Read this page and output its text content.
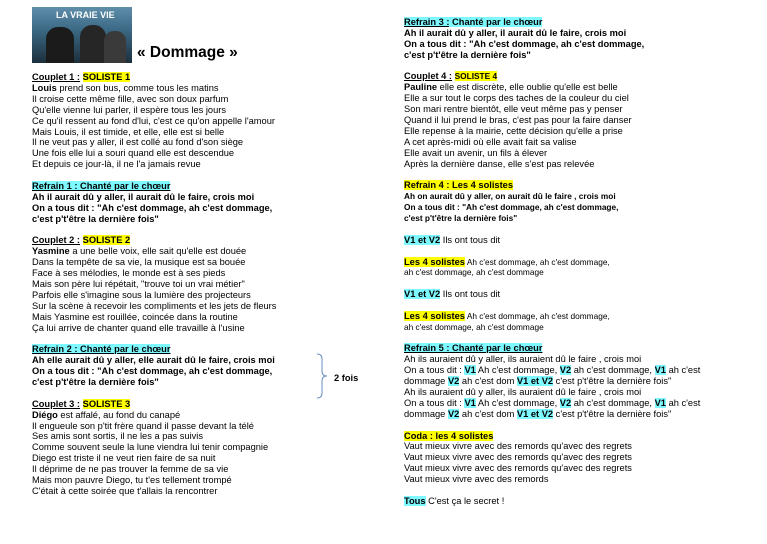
LA VRAIE VIE
« Dommage »
Couplet 1 : SOLISTE 1
Louis prend son bus, comme tous les matins
Il croise cette même fille, avec son doux parfum
Qu'elle vienne lui parler, il espère tous les jours
Ce qu'il ressent au fond d'lui, c'est ce qu'on appelle l'amour
Mais Louis, il est timide, et elle, elle est si belle
Il ne veut pas y aller, il est collé au fond d'son siège
Une fois elle lui a souri quand elle est descendue
Et depuis ce jour-là, il ne l'a jamais revue
Refrain 1 : Chanté par le chœur
Ah il aurait dû y aller, il aurait dû le faire, crois moi
On a tous dit : "Ah c'est dommage, ah c'est dommage,
c'est p't'être la dernière fois"
Couplet 2 : SOLISTE 2
Yasmine a une belle voix, elle sait qu'elle est douée
Dans la tempête de sa vie, la musique est sa bouée
Face à ses mélodies, le monde est à ses pieds
Mais son père lui répétait, "trouve toi un vrai métier"
Parfois elle s'imagine sous la lumière des projecteurs
Sur la scène à recevoir les compliments et les jets de fleurs
Mais Yasmine est rouillée, coincée dans la routine
Ça lui arrive de chanter quand elle travaille à l'usine
Refrain 2 : Chanté par le chœur
Ah elle aurait dû y aller, elle aurait dû le faire, crois moi
On a tous dit : "Ah c'est dommage, ah c'est dommage,
c'est p't'être la dernière fois"
Couplet 3 : SOLISTE 3
Diégo est affalé, au fond du canapé
Il engueule son p'tit frère quand il passe devant la télé
Ses amis sont sortis, il ne les a pas suivis
Comme souvent seule la lune viendra lui tenir compagnie
Diego est triste il ne veut rien faire de sa nuit
Il déprime de ne pas trouver la femme de sa vie
Mais mon pauvre Diego, tu t'es tellement trompé
C'était à cette soirée que t'allais la rencontrer
2 fois
Refrain 3 : Chanté par le chœur
Ah il aurait dû y aller, il aurait dû le faire, crois moi
On a tous dit : "Ah c'est dommage, ah c'est dommage,
c'est p't'être la dernière fois"
Couplet 4 : SOLISTE 4
Pauline elle est discrète, elle oublie qu'elle est belle
Elle a sur tout le corps des taches de la couleur du ciel
Son mari rentre bientôt, elle veut même pas y penser
Quand il lui prend le bras, c'est pas pour la faire danser
Elle repense à la mairie, cette décision qu'elle a prise
A cet après-midi où elle avait fait sa valise
Elle avait un avenir, un fils à élever
Après la dernière danse, elle s'est pas relevée
Refrain 4 : Les 4 solistes
Ah on aurait dû y aller, on aurait dû le faire , crois moi
On a tous dit : "Ah c'est dommage, ah c'est dommage,
c'est p't'être la dernière fois"
V1 et V2 Ils ont tous dit
Les 4 solistes Ah c'est dommage, ah c'est dommage,
ah c'est dommage, ah c'est dommage
V1 et V2 Ils ont tous dit
Les 4 solistes Ah c'est dommage, ah c'est dommage,
ah c'est dommage, ah c'est dommage
Refrain 5 : Chanté par le chœur
Ah ils auraient dû y aller, ils auraient dû le faire , crois moi
On a tous dit : V1 Ah c'est dommage, V2 ah c'est dommage, V1 ah c'est
dommage V2 ah c'est dom V1 et V2 c'est p't'être la dernière fois"
Ah ils auraient dû y aller, ils auraient dû le faire , crois moi
On a tous dit : V1 Ah c'est dommage, V2 ah c'est dommage, V1 ah c'est
dommage V2 ah c'est dom V1 et V2 c'est p't'être la dernière fois"
Coda : les 4 solistes
Vaut mieux vivre avec des remords qu'avec des regrets
Vaut mieux vivre avec des remords qu'avec des regrets
Vaut mieux vivre avec des remords qu'avec des regrets
Vaut mieux vivre avec des remords
Tous C'est ça le secret !
